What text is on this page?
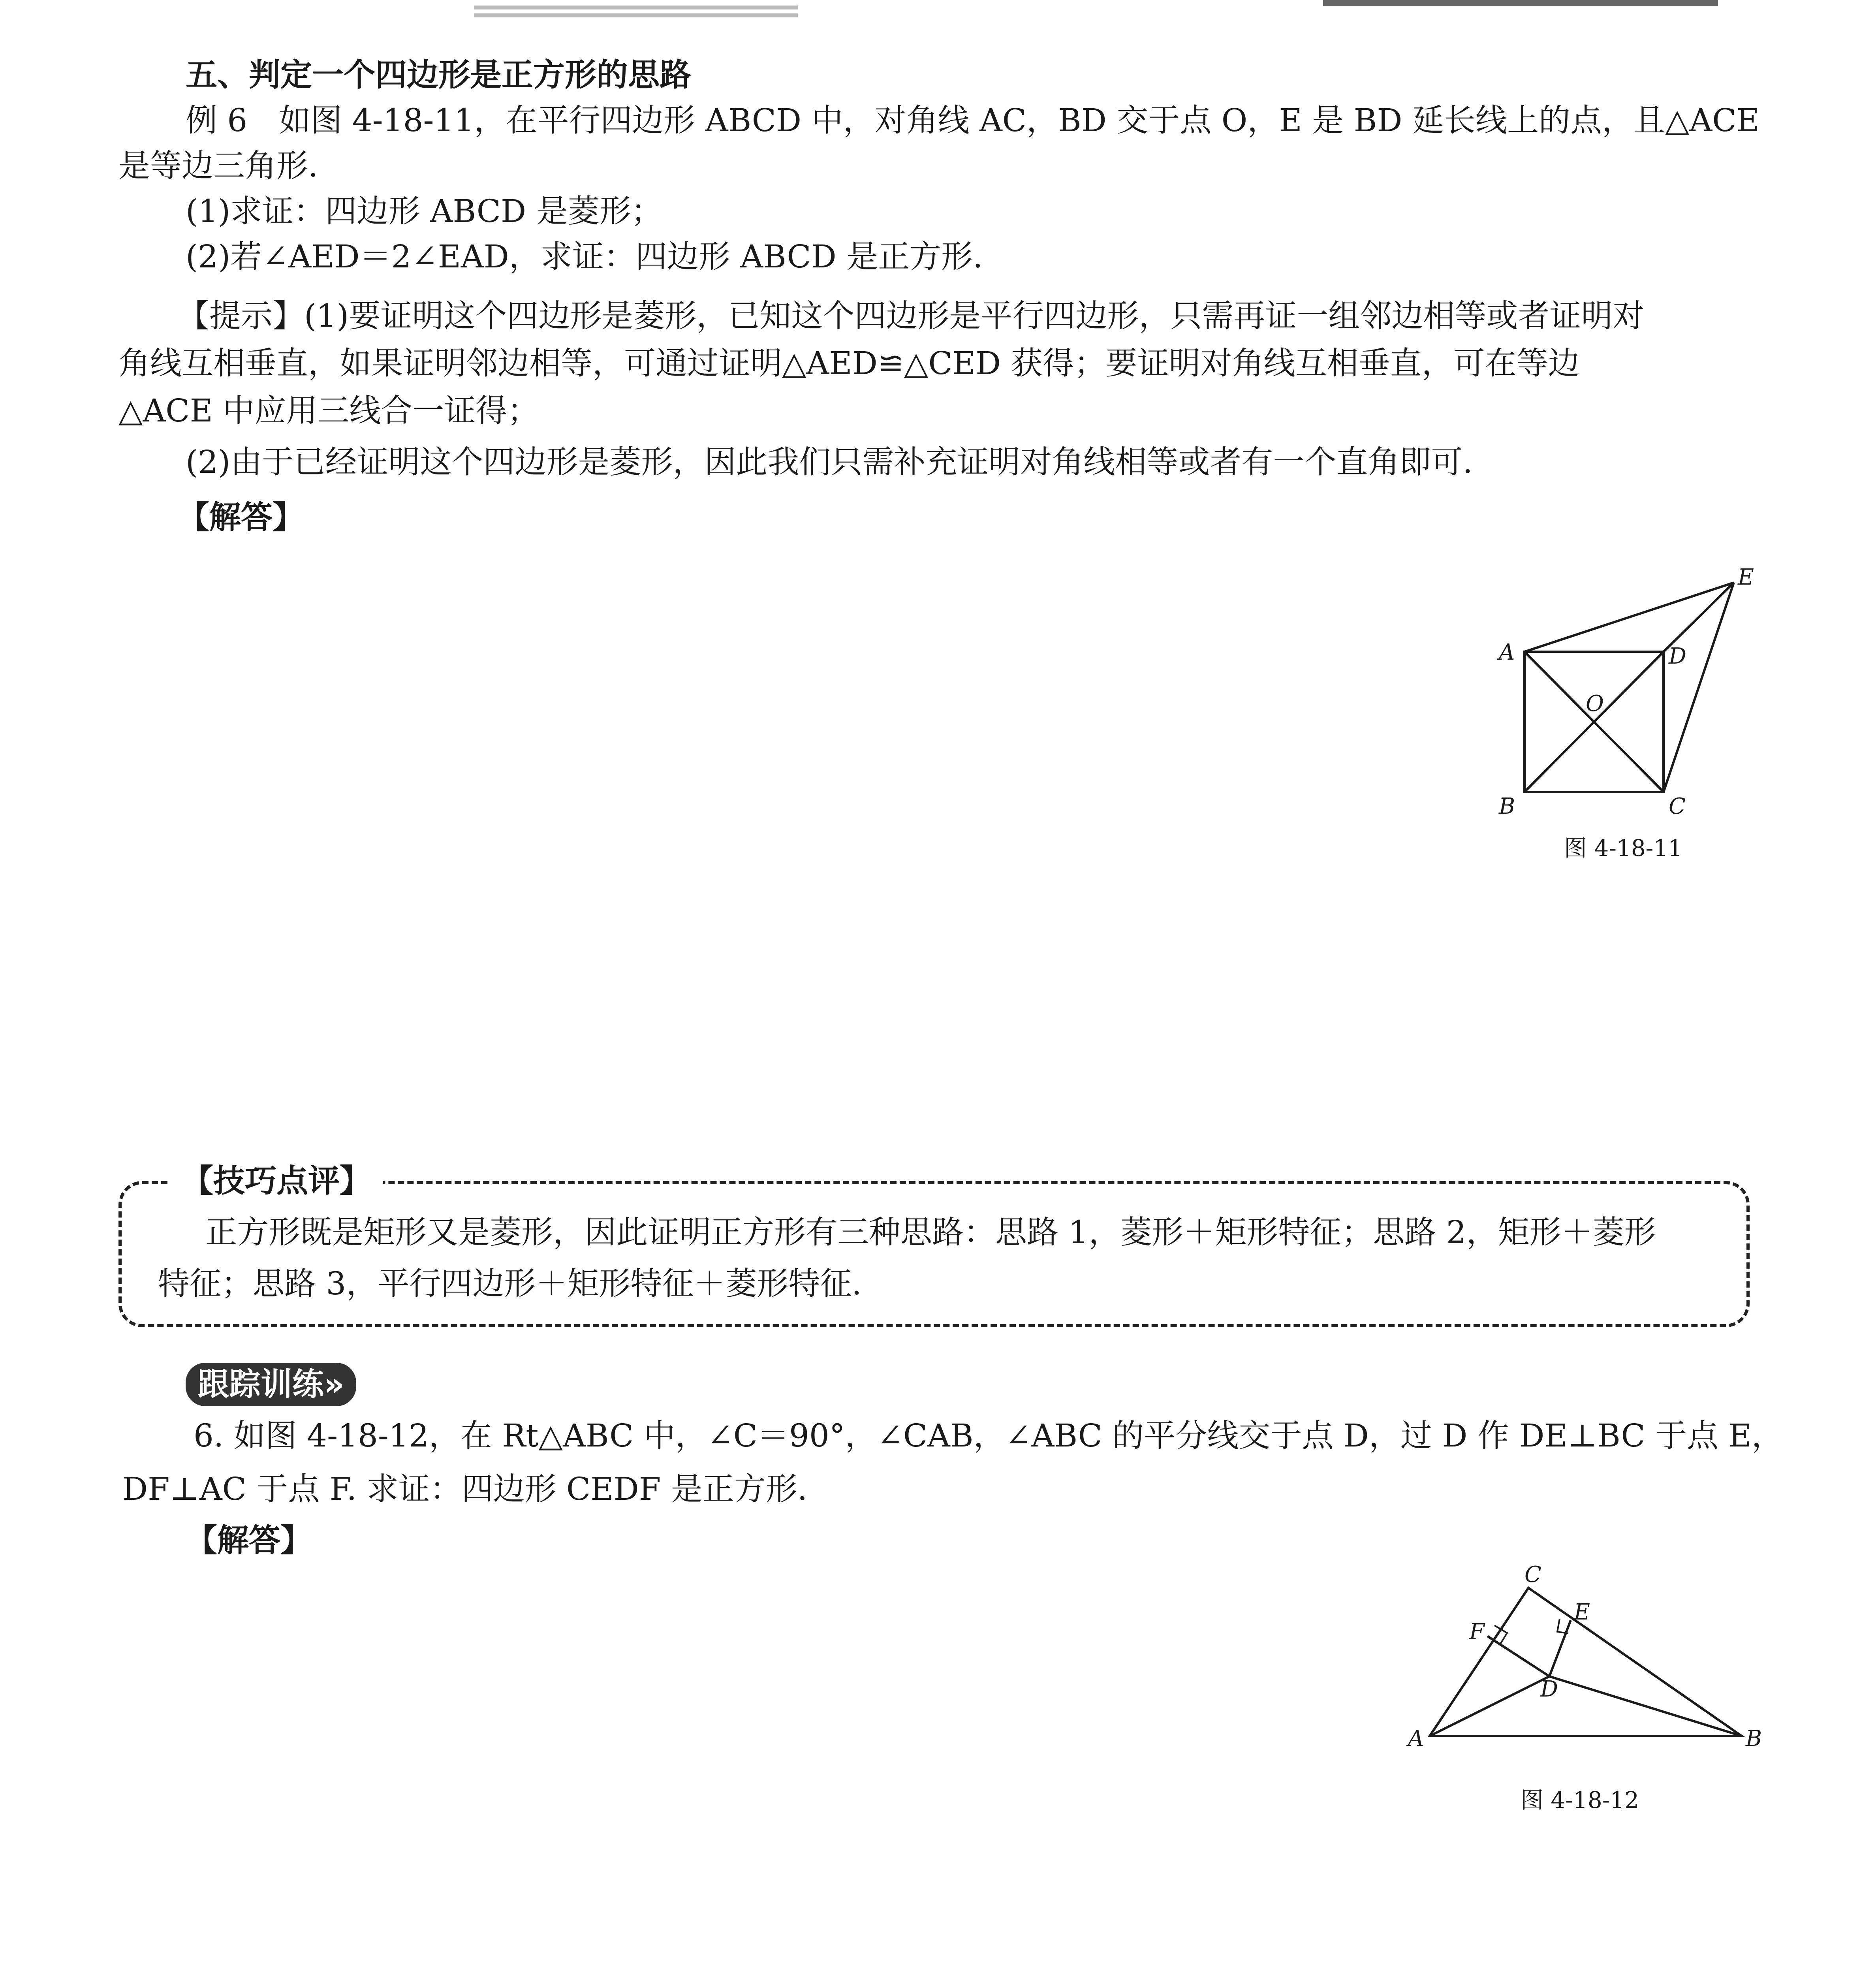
五、判定一个四边形是正方形的思路
例 6　如图 4-18-11，在平行四边形 ABCD 中，对角线 AC，BD 交于点 O，E 是 BD 延长线上的点，且△ACE
是等边三角形.
(1)求证：四边形 ABCD 是菱形；
(2)若∠AED＝2∠EAD，求证：四边形 ABCD 是正方形.
【提示】(1)要证明这个四边形是菱形，已知这个四边形是平行四边形，只需再证一组邻边相等或者证明对
角线互相垂直，如果证明邻边相等，可通过证明△AED≌△CED 获得；要证明对角线互相垂直，可在等边
△ACE 中应用三线合一证得；
(2)由于已经证明这个四边形是菱形，因此我们只需补充证明对角线相等或者有一个直角即可.
【解答】
A
B	C
D
E
O
图 4-18-11
【技巧点评】
正方形既是矩形又是菱形，因此证明正方形有三种思路：思路 1，菱形＋矩形特征；思路 2，矩形＋菱形
特征；思路 3，平行四边形＋矩形特征＋菱形特征.
跟踪训练»
6. 如图 4-18-12，在 Rt△ABC 中，∠C＝90°，∠CAB，∠ABC 的平分线交于点 D，过 D 作 DE⊥BC 于点 E，
DF⊥AC 于点 F. 求证：四边形 CEDF 是正方形.
【解答】
C
E
F
D
A	B
图 4-18-12
